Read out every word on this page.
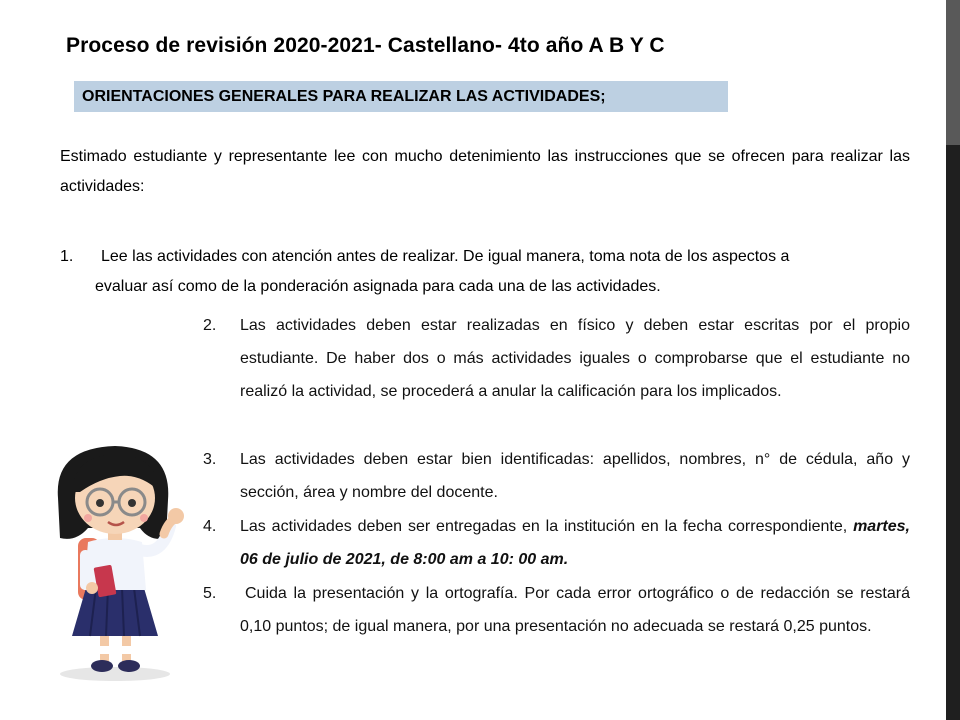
Proceso de revisión 2020-2021- Castellano- 4to año A B Y C
ORIENTACIONES GENERALES PARA REALIZAR LAS ACTIVIDADES;
Estimado estudiante y representante lee con mucho detenimiento las instrucciones que se ofrecen para realizar las actividades:
1.	Lee las actividades con atención antes de realizar. De igual manera, toma nota de los aspectos a
evaluar así como de la ponderación asignada para cada una de las actividades.
2. Las actividades deben estar realizadas en físico y deben estar escritas por el propio estudiante. De haber dos o más actividades iguales o comprobarse que el estudiante no realizó la actividad, se procederá a anular la calificación para los implicados.
3. Las actividades deben estar bien identificadas: apellidos, nombres, n° de cédula, año y sección, área y nombre del docente.
4. Las actividades deben ser entregadas en la institución en la fecha correspondiente, martes, 06 de julio de 2021, de 8:00 am a 10: 00 am.
5.	Cuida la presentación y la ortografía. Por cada error ortográfico o de redacción se restará 0,10 puntos; de igual manera, por una presentación no adecuada se restará 0,25 puntos.
